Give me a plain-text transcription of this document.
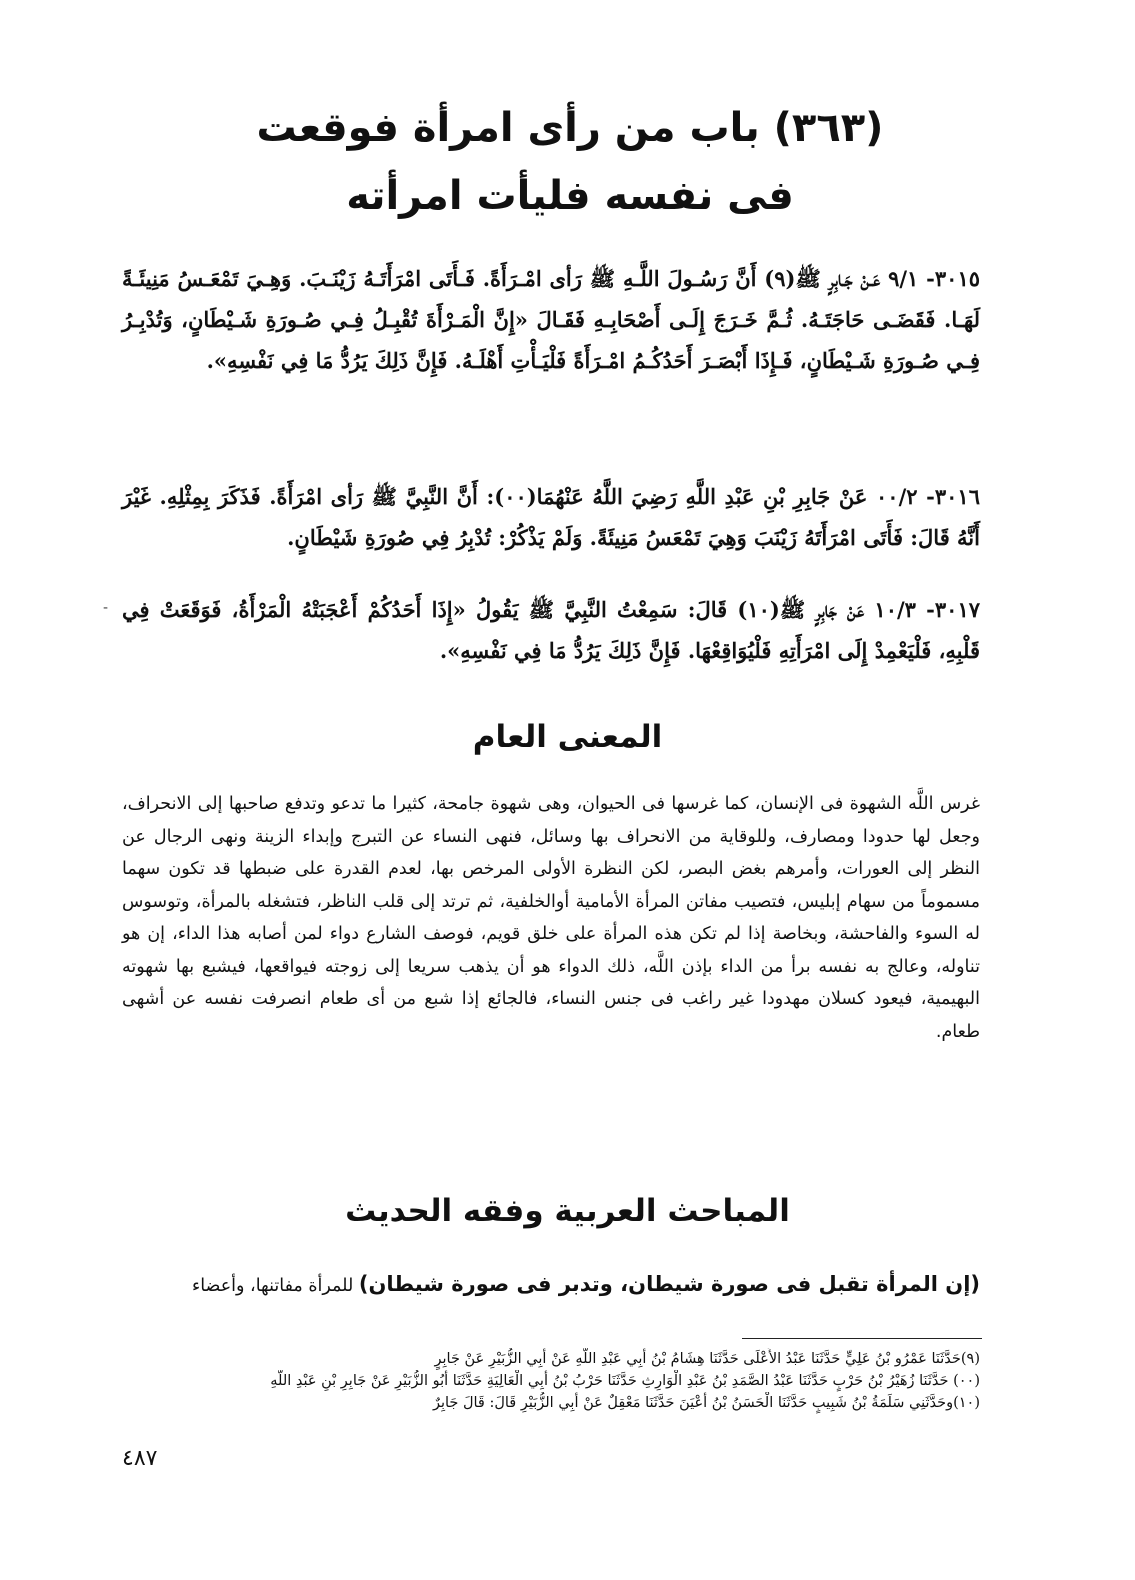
(٣٦٣) باب من رأى امرأة فوقعت
فى نفسه فليأت امرأته

٣٠١٥- ٩/١ عَـنْ جَـابِرٍ ﷺ(٩) أَنَّ رَسُـولَ اللَّـهِ ﷺ رَأى امْـرَأَةً. فَـأَتَى امْرَأَتَـهُ زَيْنَـبَ. وَهِـيَ تَمْعَـسُ مَنِيئَـةً لَهَـا. فَقَضَـى حَاجَتَـهُ. ثُـمَّ خَـرَجَ إِلَـى أَصْحَابِـهِ فَقَـالَ «إِنَّ الْمَـرْأَةَ تُقْبِـلُ فِـي صُـورَةِ شَـيْطَانٍ، وَتُدْبِـرُ فِـي صُـورَةِ شَـيْطَانٍ، فَـإِذَا أَبْصَـرَ أَحَدُكُـمُ امْـرَأَةً فَلْيَـأْتِ أَهْلَـهُ. فَإِنَّ ذَلِكَ يَرُدُّ مَا فِي نَفْسِهِ».

٣٠١٦- ٠٠/٢ عَنْ جَابِرِ بْنِ عَبْدِ اللَّهِ رَضِيَ اللَّهُ عَنْهُمَا(٠٠): أَنَّ النَّبِيَّ ﷺ رَأى امْرَأَةً. فَذَكَرَ بِمِثْلِهِ. غَيْرَ أَنَّهُ قَالَ: فَأَتَى امْرَأَتَهُ زَيْنَبَ وَهِيَ تَمْعَسُ مَنِيئَةً. وَلَمْ يَذْكُرْ: تُدْبِرُ فِي صُورَةِ شَيْطَانٍ.

٣٠١٧- ١٠/٣ عَنْ جَابِرٍ ﷺ(١٠) قَالَ: سَمِعْتُ النَّبِيَّ ﷺ يَقُولُ «إِذَا أَحَدُكُمْ أَعْجَبَتْهُ الْمَرْأَةُ، فَوَقَعَتْ فِي قَلْبِهِ، فَلْيَعْمِدْ إِلَى امْرَأَتِهِ فَلْيُوَاقِعْهَا. فَإِنَّ ذَلِكَ يَرُدُّ مَا فِي نَفْسِهِ».

-
المعنى العام

غرس اللَّه الشهوة فى الإنسان، كما غرسها فى الحيوان، وهى شهوة جامحة، كثيرا ما تدعو وتدفع صاحبها إلى الانحراف، وجعل لها حدودا ومصارف، وللوقاية من الانحراف بها وسائل، فنهى النساء عن التبرج وإبداء الزينة ونهى الرجال عن النظر إلى العورات، وأمرهم بغض البصر، لكن النظرة الأولى المرخص بها، لعدم القدرة على ضبطها قد تكون سهما مسموماً من سهام إبليس، فتصيب مفاتن المرأة الأمامية أوالخلفية، ثم ترتد إلى قلب الناظر، فتشغله بالمرأة، وتوسوس له السوء والفاحشة، وبخاصة إذا لم تكن هذه المرأة على خلق قويم، فوصف الشارع دواء لمن أصابه هذا الداء، إن هو تناوله، وعالج به نفسه برأ من الداء بإذن اللَّه، ذلك الدواء هو أن يذهب سريعا إلى زوجته فيواقعها، فيشبع بها شهوته البهيمية، فيعود كسلان مهدودا غير راغب فى جنس النساء، فالجائع إذا شبع من أى طعام انصرفت نفسه عن أشهى طعام.

المباحث العربية وفقه الحديث

(إن المرأة تقبل فى صورة شيطان، وتدبر فى صورة شيطان) للمرأة مفاتنها، وأعضاء

(٩)حَدَّثَنَا عَمْرُو بْنُ عَلِيٍّ حَدَّثَنَا عَبْدُ الأَعْلَى حَدَّثَنَا هِشَامُ بْنُ أَبِي عَبْدِ اللَّهِ عَنْ أَبِي الزُّبَيْرِ عَنْ جَابِرٍ

(٠٠) حَدَّثَنَا زُهَيْرُ بْنُ حَرْبٍ حَدَّثَنَا عَبْدُ الصَّمَدِ بْنُ عَبْدِ الْوَارِثِ حَدَّثَنَا حَرْبُ بْنُ أَبِي الْعَالِيَةِ حَدَّثَنَا أَبُو الزُّبَيْرِ عَنْ جَابِرِ بْنِ عَبْدِ اللَّهِ

(١٠)وحَدَّثَنِي سَلَمَةُ بْنُ شَبِيبٍ حَدَّثَنَا الْحَسَنُ بْنُ أَعْيَنَ حَدَّثَنَا مَعْقِلٌ عَنْ أَبِي الزُّبَيْرِ قَالَ: قَالَ جَابِرٌ

٤٨٧
